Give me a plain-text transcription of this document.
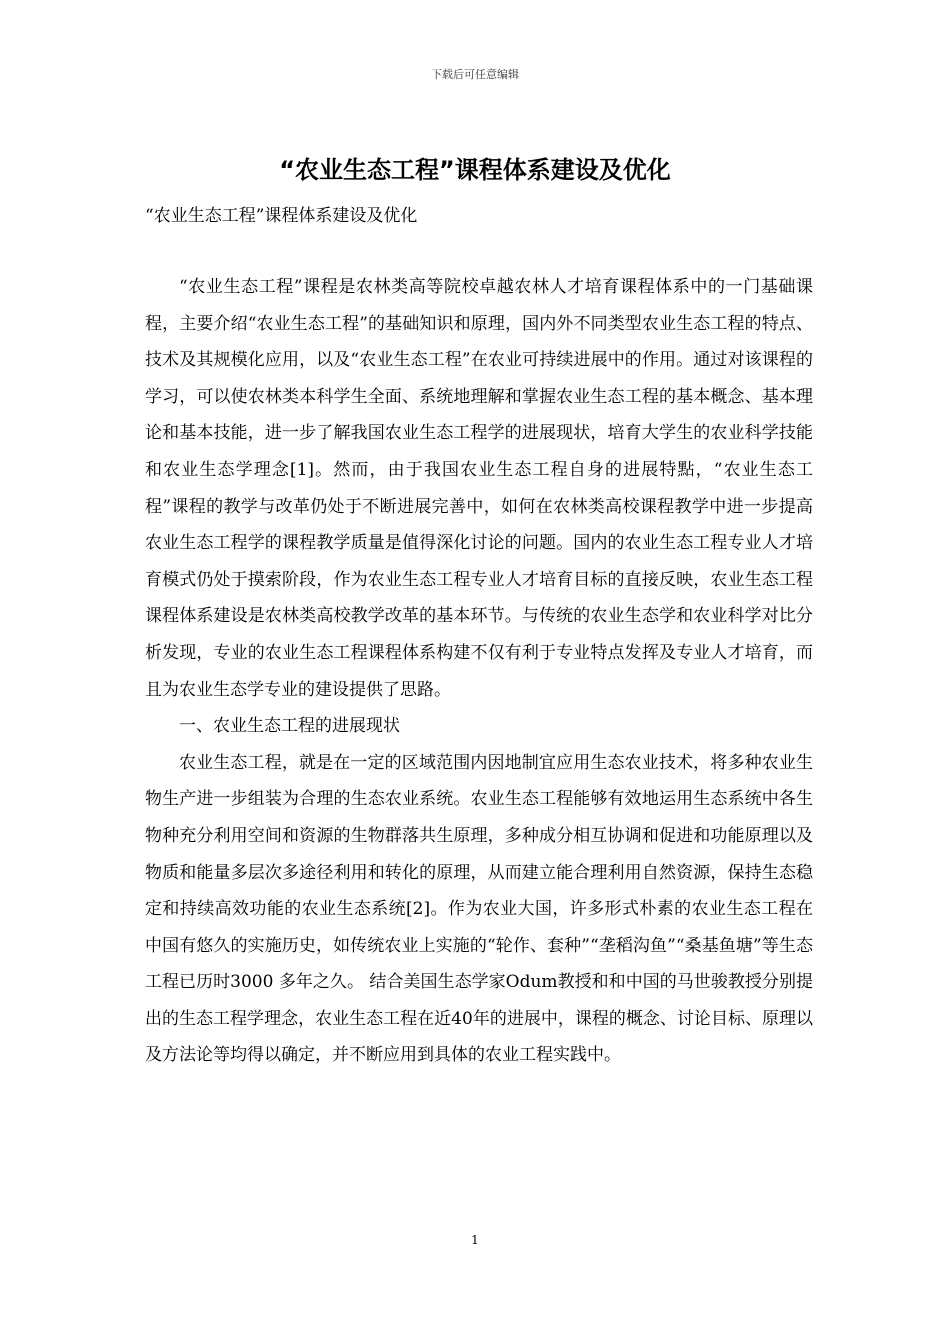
下载后可任意编辑
“农业生态工程”课程体系建设及优化

“农业生态工程”课程体系建设及优化

“农业生态工程”课程是农林类高等院校卓越农林人才培育课程体系中的一门基础课程，主要介绍“农业生态工程”的基础知识和原理，国内外不同类型农业生态工程的特点、技术及其规模化应用，以及“农业生态工程”在农业可持续进展中的作用。通过对该课程的学习，可以使农林类本科学生全面、系统地理解和掌握农业生态工程的基本概念、基本理论和基本技能，进一步了解我国农业生态工程学的进展现状，培育大学生的农业科学技能和农业生态学理念[1]。然而，由于我国农业生态工程自身的进展特點，“农业生态工程”课程的教学与改革仍处于不断进展完善中，如何在农林类高校课程教学中进一步提高农业生态工程学的课程教学质量是值得深化讨论的问题。国内的农业生态工程专业人才培育模式仍处于摸索阶段，作为农业生态工程专业人才培育目标的直接反映，农业生态工程课程体系建设是农林类高校教学改革的基本环节。与传统的农业生态学和农业科学对比分析发现，专业的农业生态工程课程体系构建不仅有利于专业特点发挥及专业人才培育，而且为农业生态学专业的建设提供了思路。

一、农业生态工程的进展现状

农业生态工程，就是在一定的区域范围内因地制宜应用生态农业技术，将多种农业生物生产进一步组装为合理的生态农业系统。农业生态工程能够有效地运用生态系统中各生物种充分利用空间和资源的生物群落共生原理，多种成分相互协调和促进和功能原理以及物质和能量多层次多途径利用和转化的原理，从而建立能合理利用自然资源，保持生态稳定和持续高效功能的农业生态系统[2]。作为农业大国，许多形式朴素的农业生态工程在中国有悠久的实施历史，如传统农业上实施的“轮作、套种”“垄稻沟鱼”“桑基鱼塘”等生态工程已历时3000 多年之久。 结合美国生态学家Odum教授和和中国的马世骏教授分别提出的生态工程学理念，农业生态工程在近40年的进展中，课程的概念、讨论目标、原理以及方法论等均得以确定，并不断应用到具体的农业工程实践中。

1
